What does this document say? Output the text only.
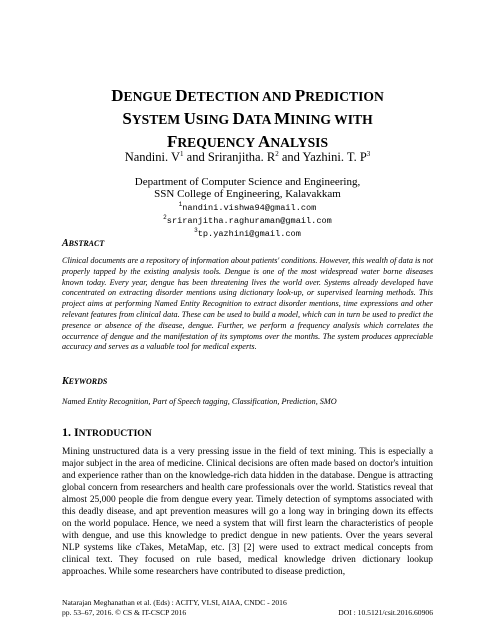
DENGUE DETECTION AND PREDICTION
SYSTEM USING DATA MINING WITH
FREQUENCY ANALYSIS
Nandini. $V^1$ and Sriranjitha. $R^2$ and Yazhini. T. $P^3$
Department of Computer Science and Engineering,
SSN College of Engineering, Kalavakkam
$^1$nandini.vishwa94@gmail.com
$^2$sriranjitha.raghuraman@gmail.com
$^3$tp.yazhini@gmail.com
ABSTRACT
Clinical documents are a repository of information about patients' conditions. However, this wealth of data is not properly tapped by the existing analysis tools. Dengue is one of the most widespread water borne diseases known today. Every year, dengue has been threatening lives the world over. Systems already developed have concentrated on extracting disorder mentions using dictionary look-up, or supervised learning methods. This project aims at performing Named Entity Recognition to extract disorder mentions, time expressions and other relevant features from clinical data. These can be used to build a model, which can in turn be used to predict the presence or absence of the disease, dengue. Further, we perform a frequency analysis which correlates the occurrence of dengue and the manifestation of its symptoms over the months. The system produces appreciable accuracy and serves as a valuable tool for medical experts.
KEYWORDS
Named Entity Recognition, Part of Speech tagging, Classification, Prediction, SMO
1. INTRODUCTION
Mining unstructured data is a very pressing issue in the field of text mining. This is especially a major subject in the area of medicine. Clinical decisions are often made based on doctor's intuition and experience rather than on the knowledge-rich data hidden in the database. Dengue is attracting global concern from researchers and health care professionals over the world. Statistics reveal that almost 25,000 people die from dengue every year. Timely detection of symptoms associated with this deadly disease, and apt prevention measures will go a long way in bringing down its effects on the world populace. Hence, we need a system that will first learn the characteristics of people with dengue, and use this knowledge to predict dengue in new patients. Over the years several NLP systems like cTakes, MetaMap, etc. [3] [2] were used to extract medical concepts from clinical text. They focused on rule based, medical knowledge driven dictionary lookup approaches. While some researchers have contributed to disease prediction,
Natarajan Meghanathan et al. (Eds) : ACITY, VLSI, AIAA, CNDC - 2016
pp. 53–67, 2016. © CS & IT-CSCP 2016	DOI : 10.5121/csit.2016.60906
